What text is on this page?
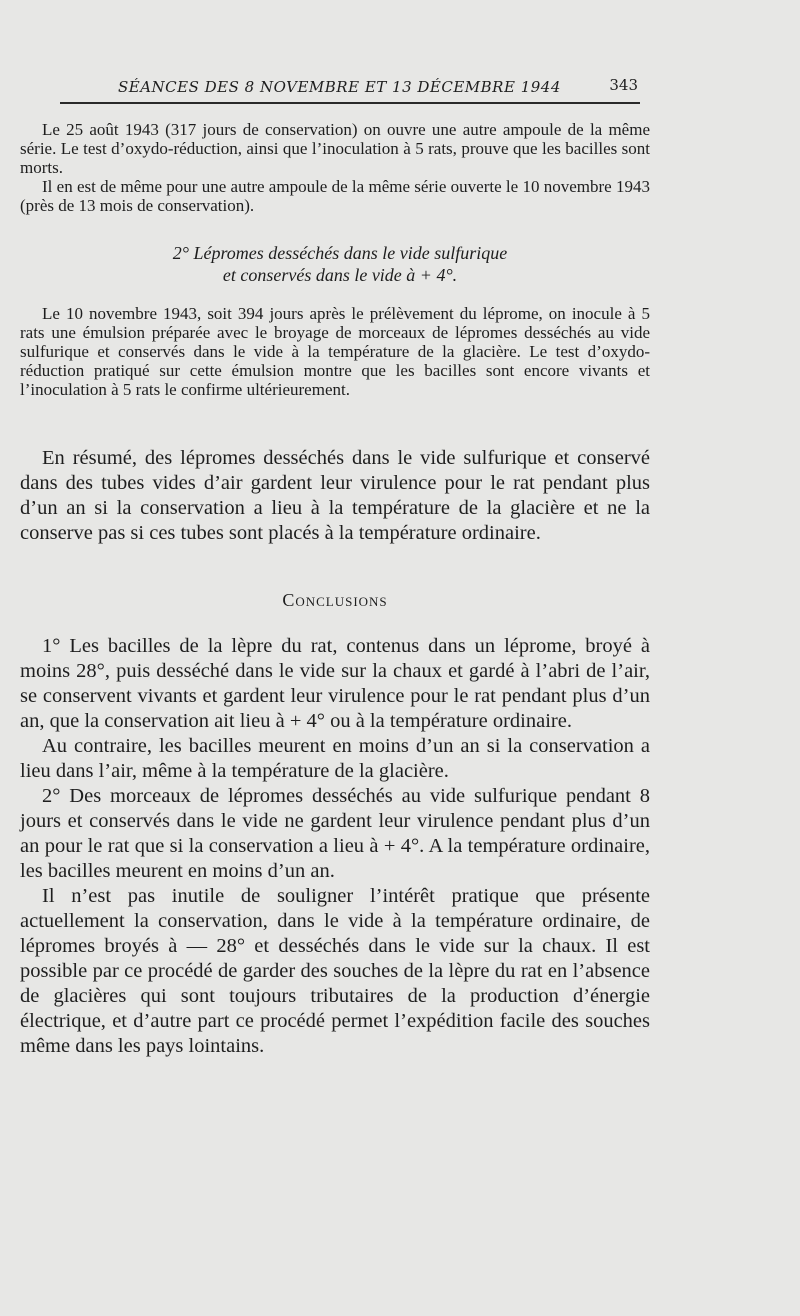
SÉANCES DES 8 NOVEMBRE ET 13 DÉCEMBRE 1944	343

Le 25 août 1943 (317 jours de conservation) on ouvre une autre ampoule de la même série. Le test d’oxydo-réduction, ainsi que l’inoculation à 5 rats, prouve que les bacilles sont morts.

Il en est de même pour une autre ampoule de la même série ouverte le 10 novembre 1943 (près de 13 mois de conservation).

2° Lépromes desséchés dans le vide sulfurique
et conservés dans le vide à + 4°.

Le 10 novembre 1943, soit 394 jours après le prélèvement du léprome, on inocule à 5 rats une émulsion préparée avec le broyage de morceaux de lépromes desséchés au vide sulfurique et conservés dans le vide à la température de la glacière. Le test d’oxydo-réduction pratiqué sur cette émulsion montre que les bacilles sont encore vivants et l’inoculation à 5 rats le confirme ultérieurement.

En résumé, des lépromes desséchés dans le vide sulfurique et conservé dans des tubes vides d’air gardent leur virulence pour le rat pendant plus d’un an si la conservation a lieu à la température de la glacière et ne la conserve pas si ces tubes sont placés à la température ordinaire.

Conclusions

1° Les bacilles de la lèpre du rat, contenus dans un léprome, broyé à moins 28°, puis desséché dans le vide sur la chaux et gardé à l’abri de l’air, se conservent vivants et gardent leur virulence pour le rat pendant plus d’un an, que la conservation ait lieu à + 4° ou à la température ordinaire.

Au contraire, les bacilles meurent en moins d’un an si la conservation a lieu dans l’air, même à la température de la glacière.

2° Des morceaux de lépromes desséchés au vide sulfurique pendant 8 jours et conservés dans le vide ne gardent leur virulence pendant plus d’un an pour le rat que si la conservation a lieu à + 4°. A la température ordinaire, les bacilles meurent en moins d’un an.

Il n’est pas inutile de souligner l’intérêt pratique que présente actuellement la conservation, dans le vide à la température ordinaire, de lépromes broyés à — 28° et desséchés dans le vide sur la chaux. Il est possible par ce procédé de garder des souches de la lèpre du rat en l’absence de glacières qui sont toujours tributaires de la production d’énergie électrique, et d’autre part ce procédé permet l’expédition facile des souches même dans les pays lointains.
